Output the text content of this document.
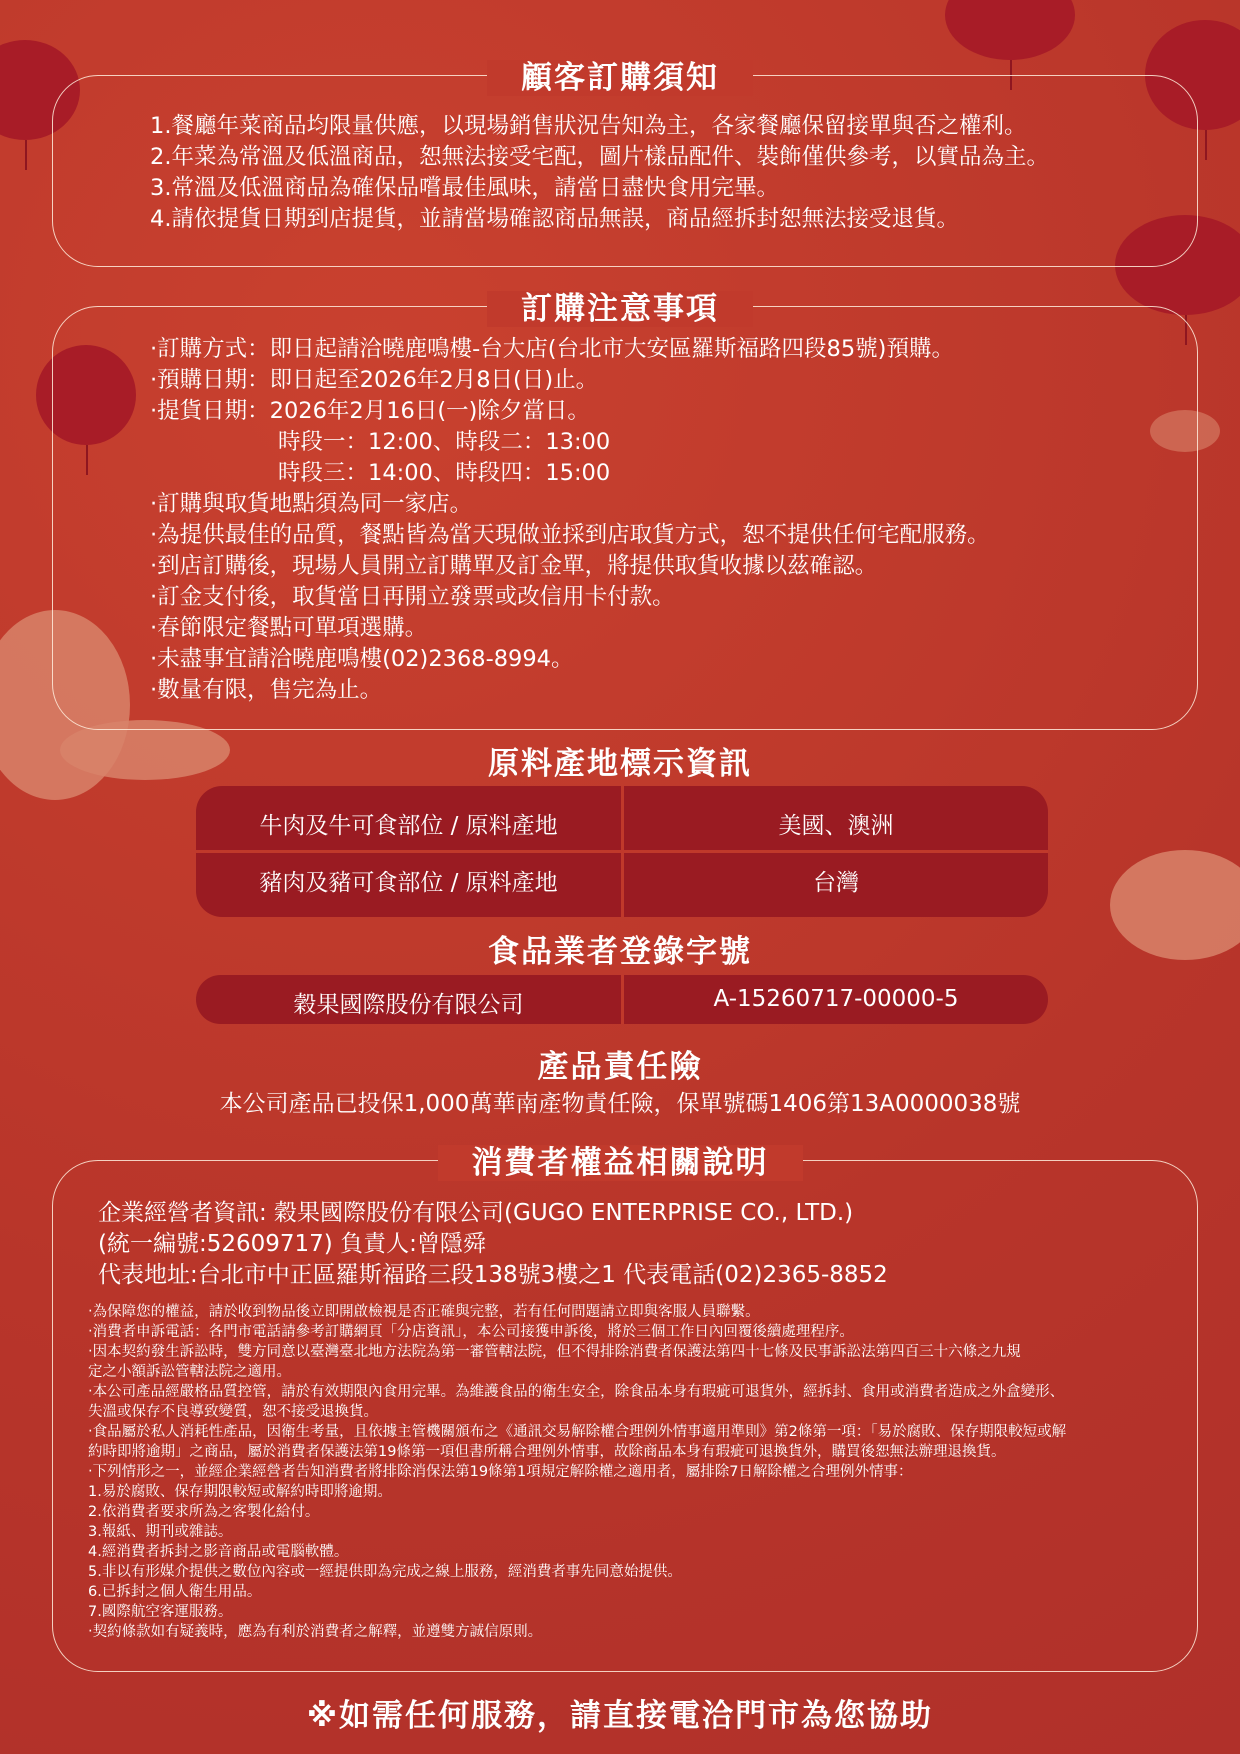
顧客訂購須知
1.餐廳年菜商品均限量供應，以現場銷售狀況告知為主，各家餐廳保留接單與否之權利。
2.年菜為常溫及低溫商品，恕無法接受宅配，圖片樣品配件、裝飾僅供參考，以實品為主。
3.常溫及低溫商品為確保品嚐最佳風味，請當日盡快食用完畢。
4.請依提貨日期到店提貨，並請當場確認商品無誤，商品經拆封恕無法接受退貨。
訂購注意事項
‧訂購方式：即日起請洽曉鹿鳴樓-台大店(台北市大安區羅斯福路四段85號)預購。
‧預購日期：即日起至2026年2月8日(日)止。
‧提貨日期：2026年2月16日(一)除夕當日。
時段一：12:00、時段二：13:00
時段三：14:00、時段四：15:00
‧訂購與取貨地點須為同一家店。
‧為提供最佳的品質，餐點皆為當天現做並採到店取貨方式，恕不提供任何宅配服務。
‧到店訂購後，現場人員開立訂購單及訂金單，將提供取貨收據以茲確認。
‧訂金支付後，取貨當日再開立發票或改信用卡付款。
‧春節限定餐點可單項選購。
‧未盡事宜請洽曉鹿鳴樓(02)2368-8994。
‧數量有限，售完為止。
原料產地標示資訊
牛肉及牛可食部位 / 原料產地	美國、澳洲
豬肉及豬可食部位 / 原料產地	台灣
食品業者登錄字號
穀果國際股份有限公司	A-15260717-00000-5
產品責任險
本公司產品已投保1,000萬華南產物責任險，保單號碼1406第13A0000038號
消費者權益相關說明
企業經營者資訊: 穀果國際股份有限公司(GUGO ENTERPRISE CO., LTD.)
(統一編號:52609717) 負責人:曾隱舜
代表地址:台北市中正區羅斯福路三段138號3樓之1 代表電話(02)2365-8852
‧為保障您的權益，請於收到物品後立即開啟檢視是否正確與完整，若有任何問題請立即與客服人員聯繫。
‧消費者申訴電話：各門市電話請參考訂購網頁「分店資訊」，本公司接獲申訴後，將於三個工作日內回覆後續處理程序。
‧因本契約發生訴訟時，雙方同意以臺灣臺北地方法院為第一審管轄法院，但不得排除消費者保護法第四十七條及民事訴訟法第四百三十六條之九規
定之小額訴訟管轄法院之適用。
‧本公司產品經嚴格品質控管，請於有效期限內食用完畢。為維護食品的衛生安全，除食品本身有瑕疵可退貨外，經拆封、食用或消費者造成之外盒變形、
失溫或保存不良導致變質，恕不接受退換貨。
‧食品屬於私人消耗性產品，因衛生考量，且依據主管機關頒布之《通訊交易解除權合理例外情事適用準則》第2條第一項：「易於腐敗、保存期限較短或解
約時即將逾期」之商品，屬於消費者保護法第19條第一項但書所稱合理例外情事，故除商品本身有瑕疵可退換貨外，購買後恕無法辦理退換貨。
‧下列情形之一，並經企業經營者告知消費者將排除消保法第19條第1項規定解除權之適用者，屬排除7日解除權之合理例外情事：
1.易於腐敗、保存期限較短或解約時即將逾期。
2.依消費者要求所為之客製化給付。
3.報紙、期刊或雜誌。
4.經消費者拆封之影音商品或電腦軟體。
5.非以有形媒介提供之數位內容或一經提供即為完成之線上服務，經消費者事先同意始提供。
6.已拆封之個人衛生用品。
7.國際航空客運服務。
‧契約條款如有疑義時，應為有利於消費者之解釋，並遵雙方誠信原則。
※如需任何服務，請直接電洽門市為您協助
